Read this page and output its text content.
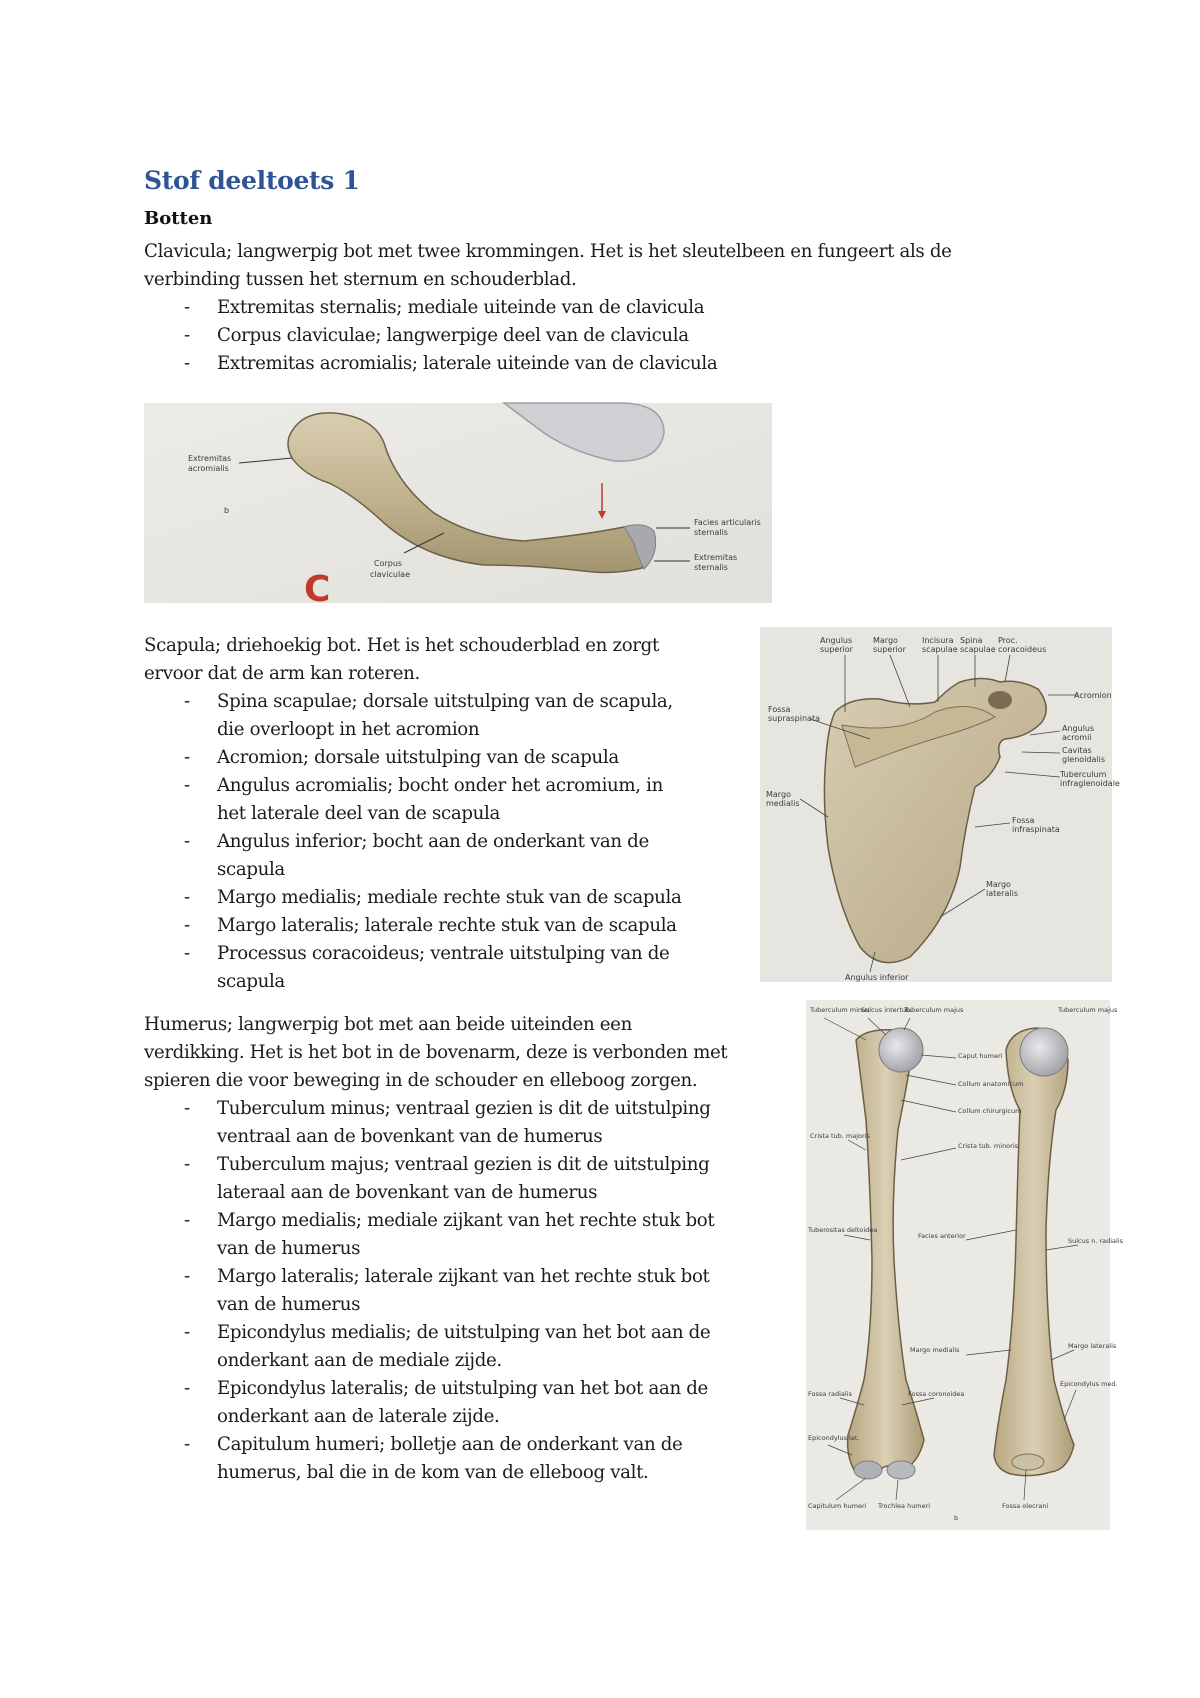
Stof deeltoets 1
Botten

Clavicula; langwerpig bot met twee krommingen. Het is het sleutelbeen en fungeert als de

verbinding tussen het sternum en schouderblad.

- Extremitas sternalis; mediale uiteinde van de clavicula
- Corpus claviculae; langwerpige deel van de clavicula
- Extremitas acromialis; laterale uiteinde van de clavicula
Extremitas
acromialis
b
Corpus
claviculae
Facies articularis
sternalis
Extremitas
sternalis
C

Scapula; driehoekig bot. Het is het schouderblad en zorgt

ervoor dat de arm kan roteren.

- Spina scapulae; dorsale uitstulping van de scapula,
die overloopt in het acromion
- Acromion; dorsale uitstulping van de scapula
- Angulus acromialis; bocht onder het acromium, in
het laterale deel van de scapula
- Angulus inferior; bocht aan de onderkant van de
scapula
- Margo medialis; mediale rechte stuk van de scapula
- Margo lateralis; laterale rechte stuk van de scapula
- Processus coracoideus; ventrale uitstulping van de
scapula
Angulus
superior
Margo
superior
Incisura
scapulae
Spina
scapulae
Proc.
coracoideus
Acromion
Fossa
supraspinata
Angulus
acromii
Cavitas
glenoidalis
Tuberculum
infraglenoidale
Margo
medialis
Fossa
infraspinata
Margo
lateralis
Angulus inferior

Humerus; langwerpig bot met aan beide uiteinden een

verdikking. Het is het bot in de bovenarm, deze is verbonden met

spieren die voor beweging in de schouder en elleboog zorgen.

- Tuberculum minus; ventraal gezien is dit de uitstulping
ventraal aan de bovenkant van de humerus
- Tuberculum majus; ventraal gezien is dit de uitstulping
lateraal aan de bovenkant van de humerus
- Margo medialis; mediale zijkant van het rechte stuk bot
van de humerus
- Margo lateralis; laterale zijkant van het rechte stuk bot
van de humerus
- Epicondylus medialis; de uitstulping van het bot aan de
onderkant aan de mediale zijde.
- Epicondylus lateralis; de uitstulping van het bot aan de
onderkant aan de laterale zijde.
- Capitulum humeri; bolletje aan de onderkant van de
humerus, bal die in de kom van de elleboog valt.
Tuberculum minus
Sulcus intertub.
Tuberculum majus	Tuberculum majus
Caput humeri
Collum anatomicum
Collum chirurgicum
Crista tub. majoris
Crista tub. minoris
Tuberositas deltoidea
Facies anterior
Sulcus n. radialis
Margo medialis	Margo lateralis
Fossa radialis	Fossa coronoidea
Epicondylus lat.
Epicondylus med.
Capitulum humeri Trochlea humeri	Fossa olecrani
b
